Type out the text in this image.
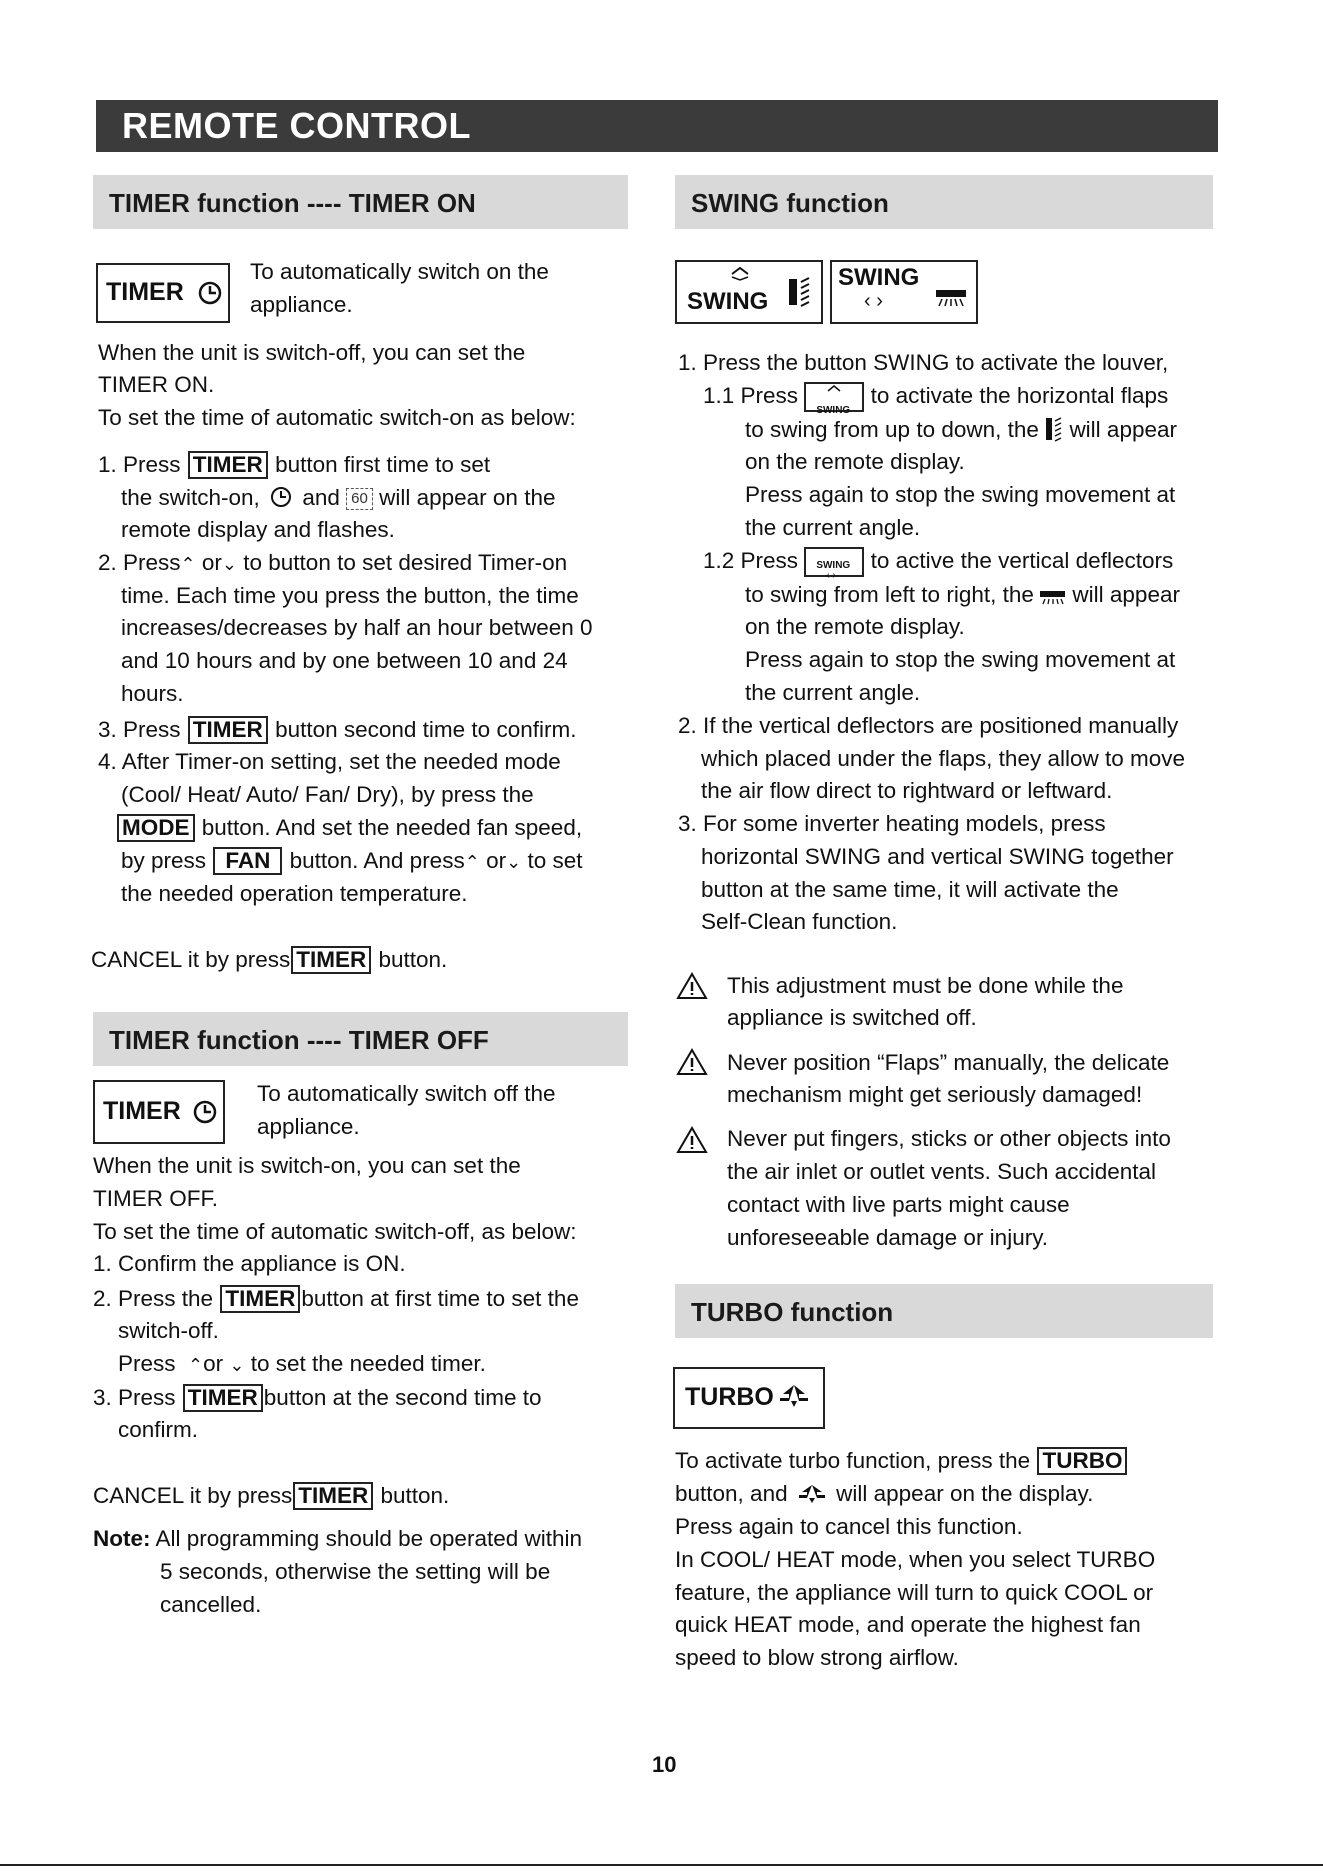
REMOTE CONTROL
TIMER function ---- TIMER ON
TIMER
To automatically switch on the
appliance.
When the unit is switch-off, you can set the
TIMER ON.
To set the time of automatic switch-on as below:
1. Press TIMER button first time to set
the switch-on, and 60 will appear on the
remote display and flashes.
2. Press⌃ or⌄ to button to set desired Timer-on
time. Each time you press the button, the time
increases/decreases by half an hour between 0
and 10 hours and by one between 10 and 24
hours.
3. Press TIMER button second time to confirm.
4. After Timer-on setting, set the needed mode
(Cool/ Heat/ Auto/ Fan/ Dry), by press the
MODE button. And set the needed fan speed,
by press FAN button. And press⌃ or⌄ to set
the needed operation temperature.
CANCEL it by press TIMER button.
TIMER function ---- TIMER OFF
TIMER
To automatically switch off the
appliance.
When the unit is switch-on, you can set the
TIMER OFF.
To set the time of automatic switch-off, as below:
1. Confirm the appliance is ON.
2. Press the TIMER button at first time to set the
switch-off.
Press ⌃or ⌄ to set the needed timer.
3. Press TIMER button at the second time to
confirm.
CANCEL it by press TIMER button.
Note: All programming should be operated within
5 seconds, otherwise the setting will be
cancelled.
SWING function
SWING
SWING
‹ ›
1. Press the button SWING to activate the louver,
1.1 Press
SWING
to activate the horizontal flaps
to swing from up to down, the will appear
on the remote display.
Press again to stop the swing movement at
the current angle.
1.2 Press SWING
‹ ›
to active the vertical deflectors
to swing from left to right, the will appear
on the remote display.
Press again to stop the swing movement at
the current angle.
2. If the vertical deflectors are positioned manually
which placed under the flaps, they allow to move
the air flow direct to rightward or leftward.
3. For some inverter heating models, press
horizontal SWING and vertical SWING together
button at the same time, it will activate the
Self-Clean function.
This adjustment must be done while the
appliance is switched off.
Never position “Flaps” manually, the delicate
mechanism might get seriously damaged!
Never put fingers, sticks or other objects into
the air inlet or outlet vents. Such accidental
contact with live parts might cause
unforeseeable damage or injury.
TURBO function
TURBO
To activate turbo function, press the TURBO
button, and will appear on the display.
Press again to cancel this function.
In COOL/ HEAT mode, when you select TURBO
feature, the appliance will turn to quick COOL or
quick HEAT mode, and operate the highest fan
speed to blow strong airflow.
10
